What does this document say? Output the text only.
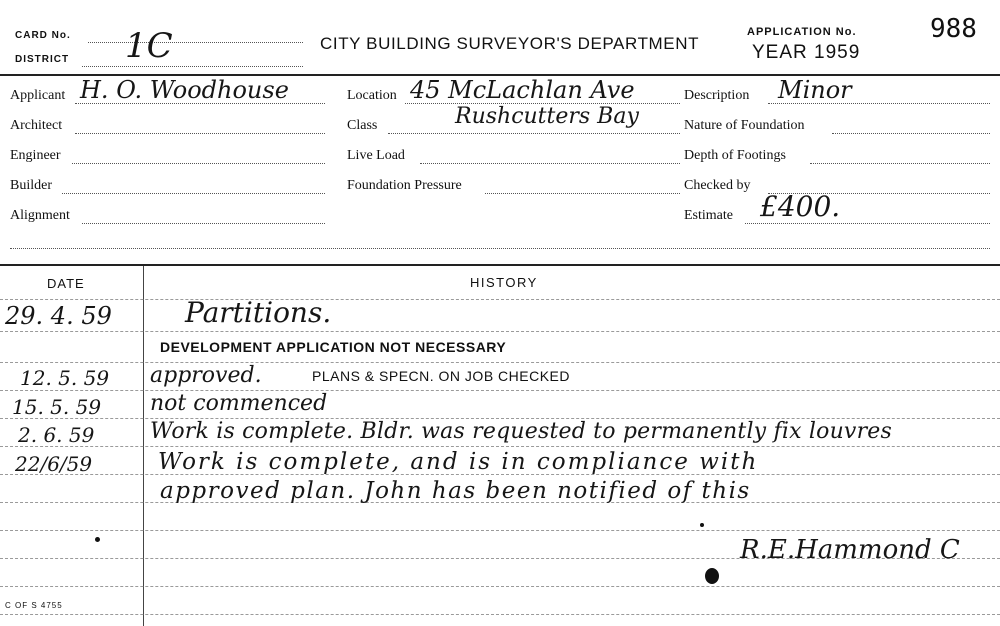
CARD No.
DISTRICT 1C	CITY BUILDING SURVEYOR'S DEPARTMENT
APPLICATION No.	988
YEAR 1959
Applicant H. O. Woodhouse
Architect
Engineer
Builder
Alignment
Location 45 McLachlan Ave
Class	Rushcutters Bay
Live Load
Foundation Pressure
Description Minor
Nature of Foundation
Depth of Footings
Checked by
Estimate £400.
DATE	HISTORY
29. 4. 59	Partitions.
DEVELOPMENT APPLICATION NOT NECESSARY
12. 5. 59 approved.	PLANS & SPECN. ON JOB CHECKED
15. 5. 59 not commenced
2. 6. 59	Work is complete. Bldr. was requested to permanently fix louvres
22/6/59	Work is complete, and is in compliance with
approved plan. John has been notified of this
R.E.Hammond C
C OF S 4755
